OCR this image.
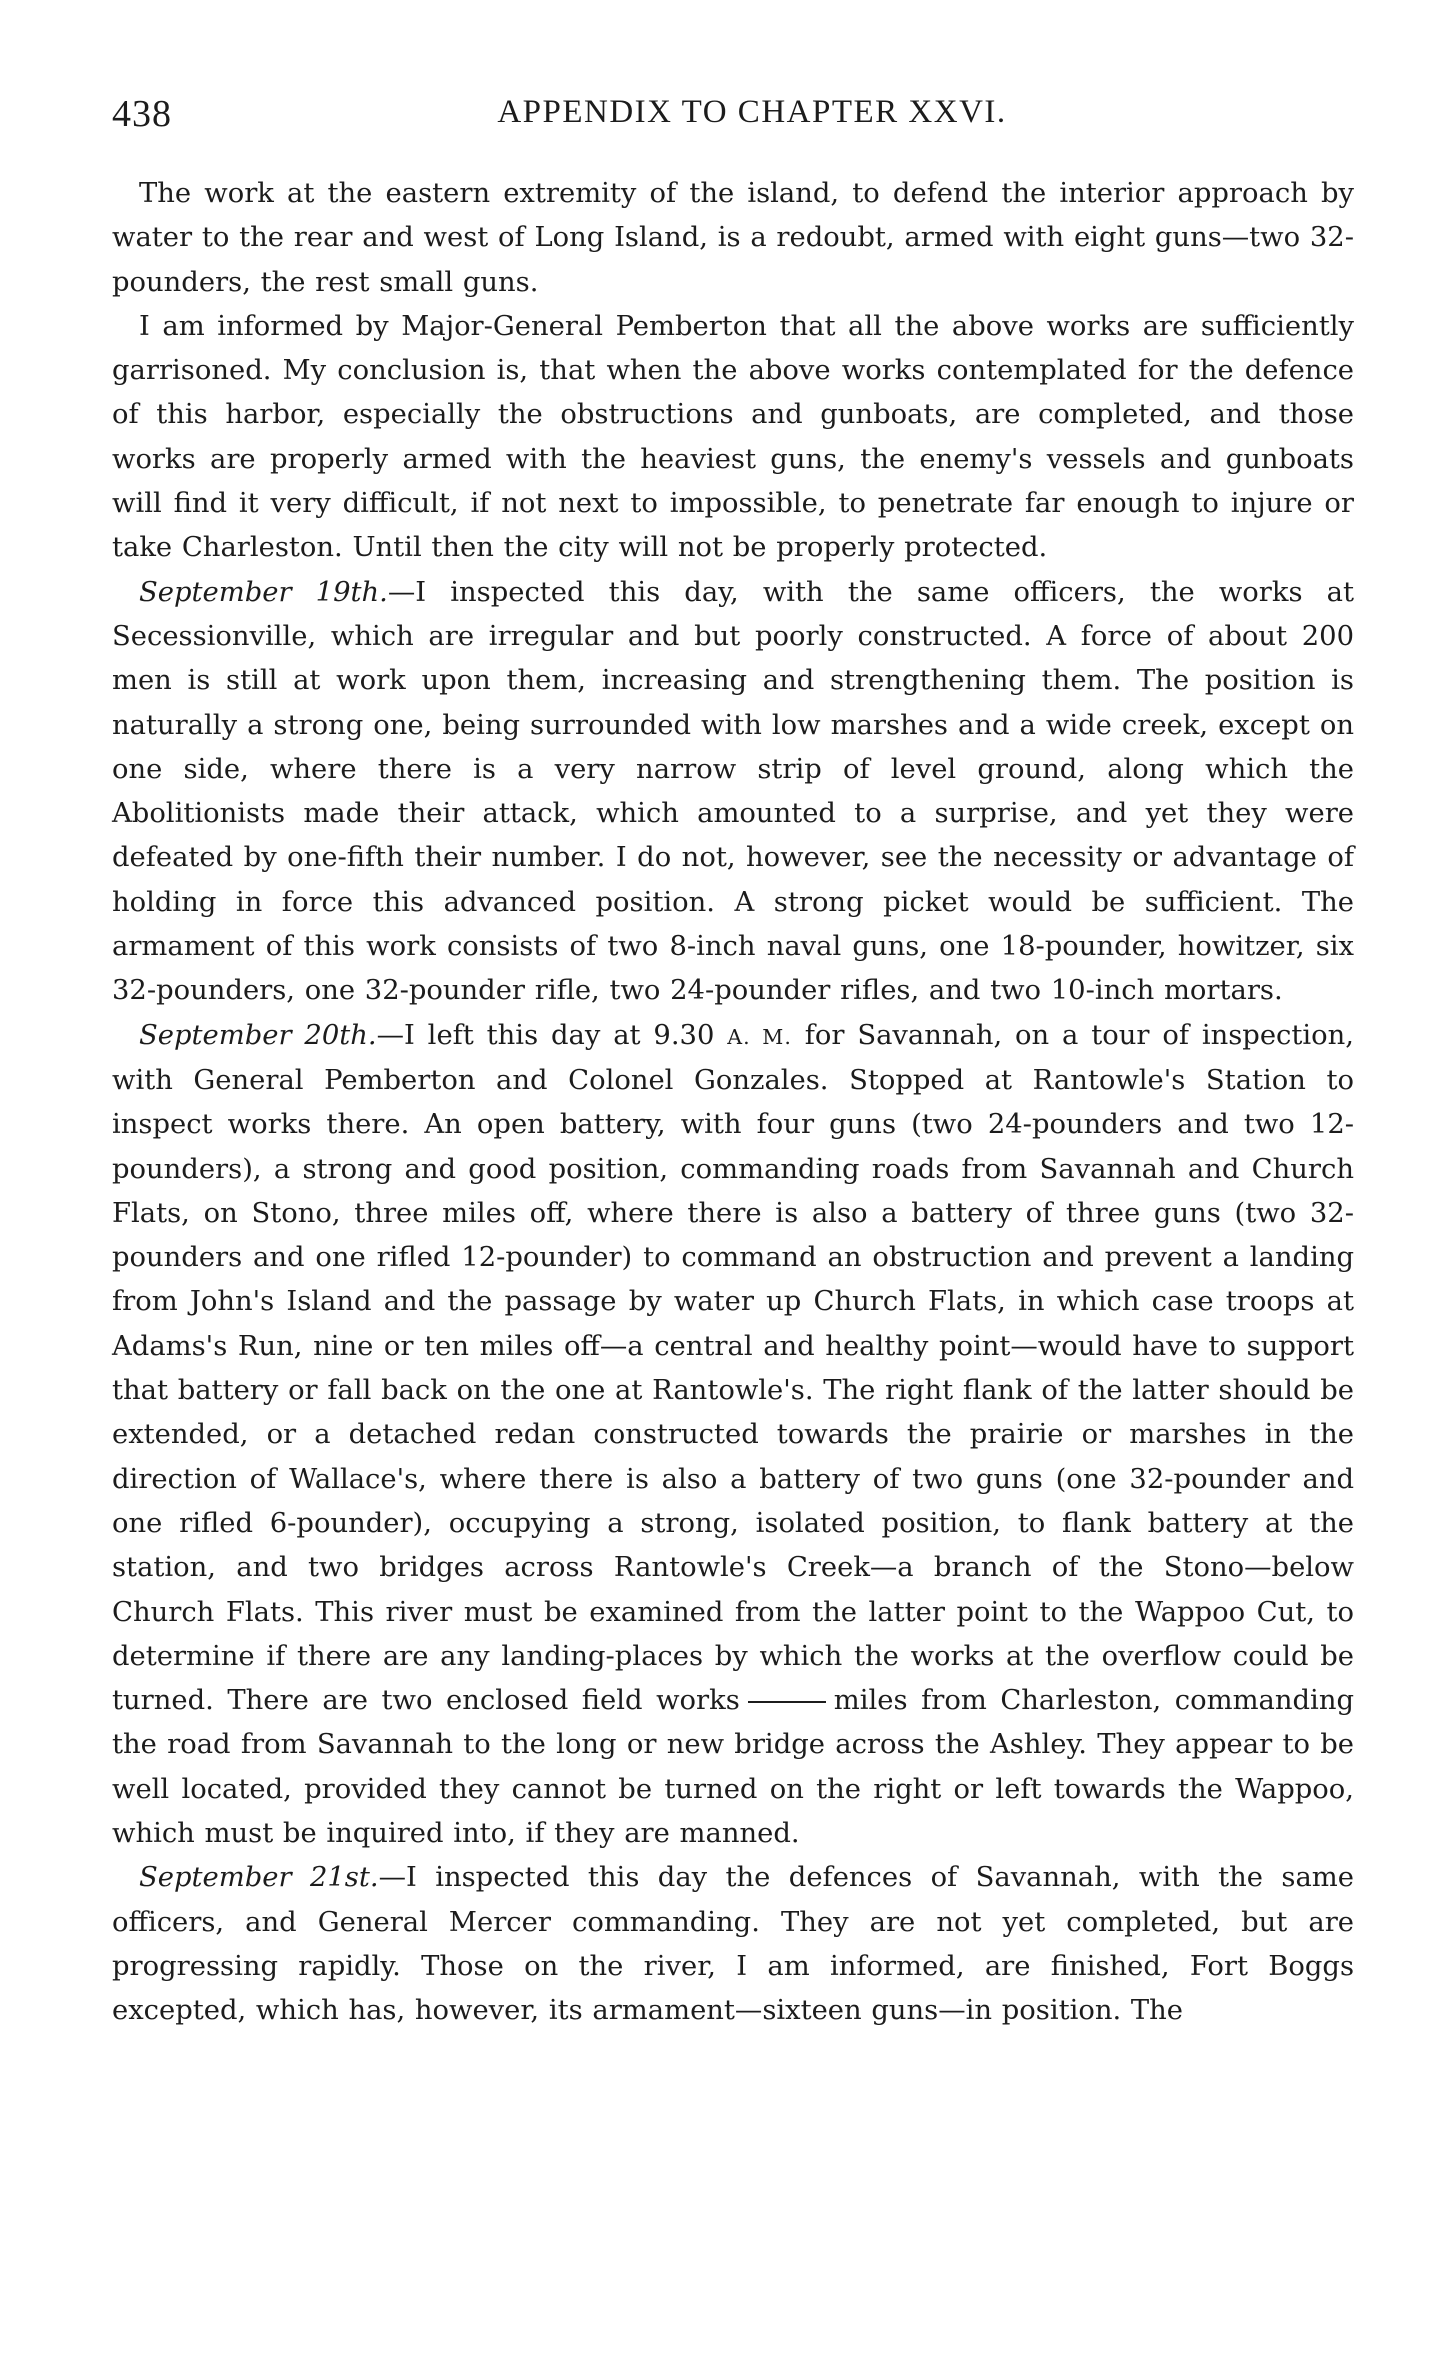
438	APPENDIX TO CHAPTER XXVI.

The work at the eastern extremity of the island, to defend the interior approach by water to the rear and west of Long Island, is a redoubt, armed with eight guns—two 32-pounders, the rest small guns.

I am informed by Major-General Pemberton that all the above works are sufficiently garrisoned. My conclusion is, that when the above works contemplated for the defence of this harbor, especially the obstructions and gunboats, are completed, and those works are properly armed with the heaviest guns, the enemy's vessels and gunboats will find it very difficult, if not next to impossible, to penetrate far enough to injure or take Charleston. Until then the city will not be properly protected.

September 19th.—I inspected this day, with the same officers, the works at Secessionville, which are irregular and but poorly constructed. A force of about 200 men is still at work upon them, increasing and strengthening them. The position is naturally a strong one, being surrounded with low marshes and a wide creek, except on one side, where there is a very narrow strip of level ground, along which the Abolitionists made their attack, which amounted to a surprise, and yet they were defeated by one-fifth their number. I do not, however, see the necessity or advantage of holding in force this advanced position. A strong picket would be sufficient. The armament of this work consists of two 8-inch naval guns, one 18-pounder, howitzer, six 32-pounders, one 32-pounder rifle, two 24-pounder rifles, and two 10-inch mortars.

September 20th.—I left this day at 9.30 A. M. for Savannah, on a tour of inspection, with General Pemberton and Colonel Gonzales. Stopped at Rantowle's Station to inspect works there. An open battery, with four guns (two 24-pounders and two 12-pounders), a strong and good position, commanding roads from Savannah and Church Flats, on Stono, three miles off, where there is also a battery of three guns (two 32-pounders and one rifled 12-pounder) to command an obstruction and prevent a landing from John's Island and the passage by water up Church Flats, in which case troops at Adams's Run, nine or ten miles off—a central and healthy point—would have to support that battery or fall back on the one at Rantowle's. The right flank of the latter should be extended, or a detached redan constructed towards the prairie or marshes in the direction of Wallace's, where there is also a battery of two guns (one 32-pounder and one rifled 6-pounder), occupying a strong, isolated position, to flank battery at the station, and two bridges across Rantowle's Creek—a branch of the Stono—below Church Flats. This river must be examined from the latter point to the Wappoo Cut, to determine if there are any landing-places by which the works at the overflow could be turned. There are two enclosed field works	miles from Charleston, commanding the road from Savannah to the long or new bridge across the Ashley. They appear to be well located, provided they cannot be turned on the right or left towards the Wappoo, which must be inquired into, if they are manned.

September 21st.—I inspected this day the defences of Savannah, with the same officers, and General Mercer commanding. They are not yet completed, but are progressing rapidly. Those on the river, I am informed, are finished, Fort Boggs excepted, which has, however, its armament—sixteen guns—in position. The
